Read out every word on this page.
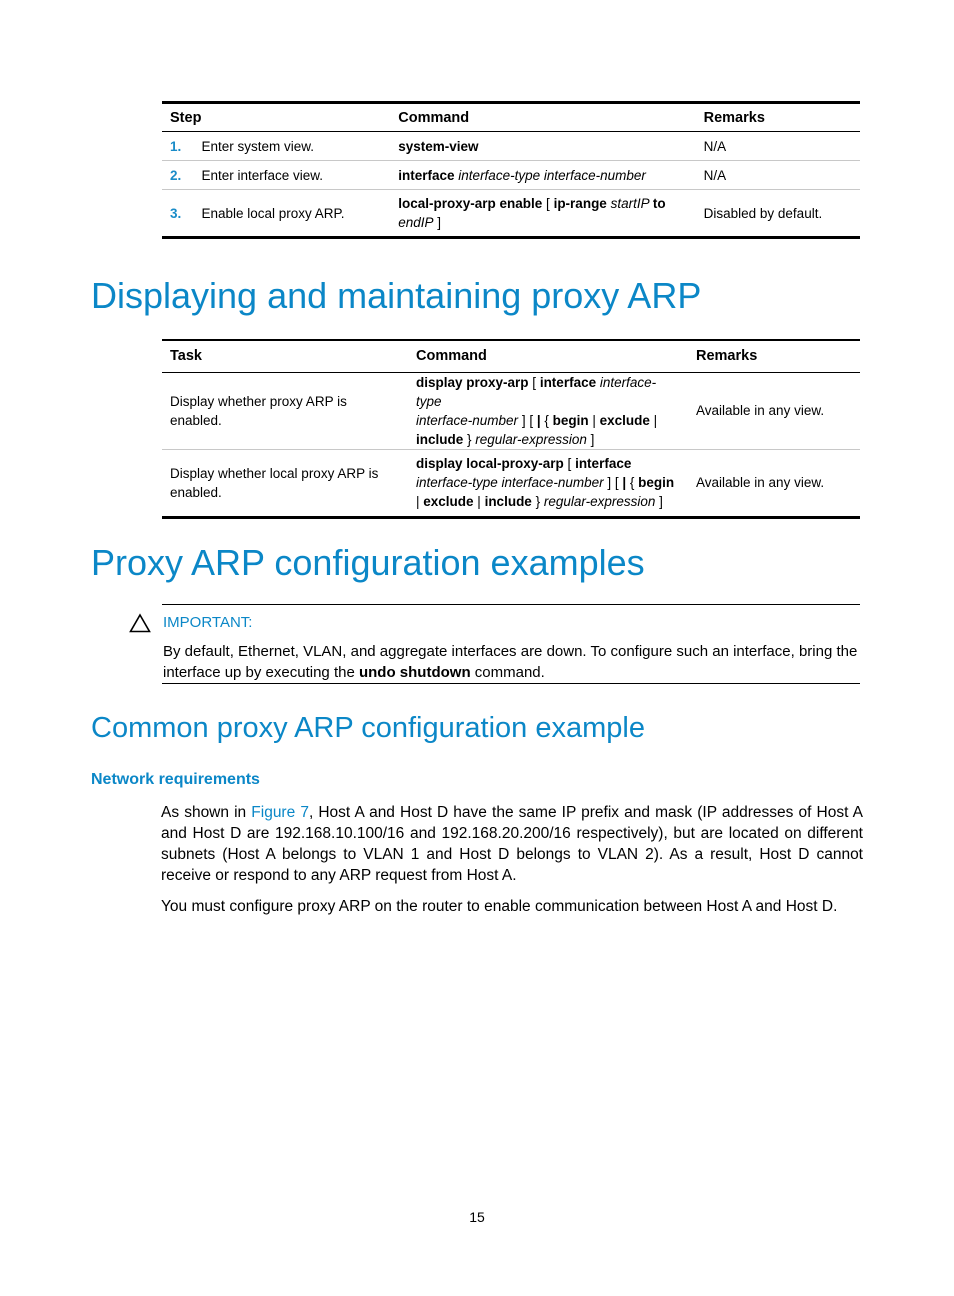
Step		Command	Remarks
1.	Enter system view.	system-view	N/A
2.	Enter interface view.	interface interface-type interface-number	N/A
3.	Enable local proxy ARP.	local-proxy-arp enable [ ip-range startIP to
endIP ]	Disabled by default.
Displaying and maintaining proxy ARP
Task	Command	Remarks
Display whether proxy ARP is enabled.	display proxy-arp [ interface interface-type
interface-number ] [ | { begin | exclude |
include } regular-expression ]	Available in any view.
Display whether local proxy ARP is enabled.	display local-proxy-arp [ interface
interface-type interface-number ] [ | { begin
| exclude | include } regular-expression ]	Available in any view.
Proxy ARP configuration examples
IMPORTANT:
By default, Ethernet, VLAN, and aggregate interfaces are down. To configure such an interface, bring the interface up by executing the undo shutdown command.
Common proxy ARP configuration example
Network requirements
As shown in Figure 7, Host A and Host D have the same IP prefix and mask (IP addresses of Host A and Host D are 192.168.10.100/16 and 192.168.20.200/16 respectively), but are located on different subnets (Host A belongs to VLAN 1 and Host D belongs to VLAN 2). As a result, Host D cannot receive or respond to any ARP request from Host A.
You must configure proxy ARP on the router to enable communication between Host A and Host D.
15
